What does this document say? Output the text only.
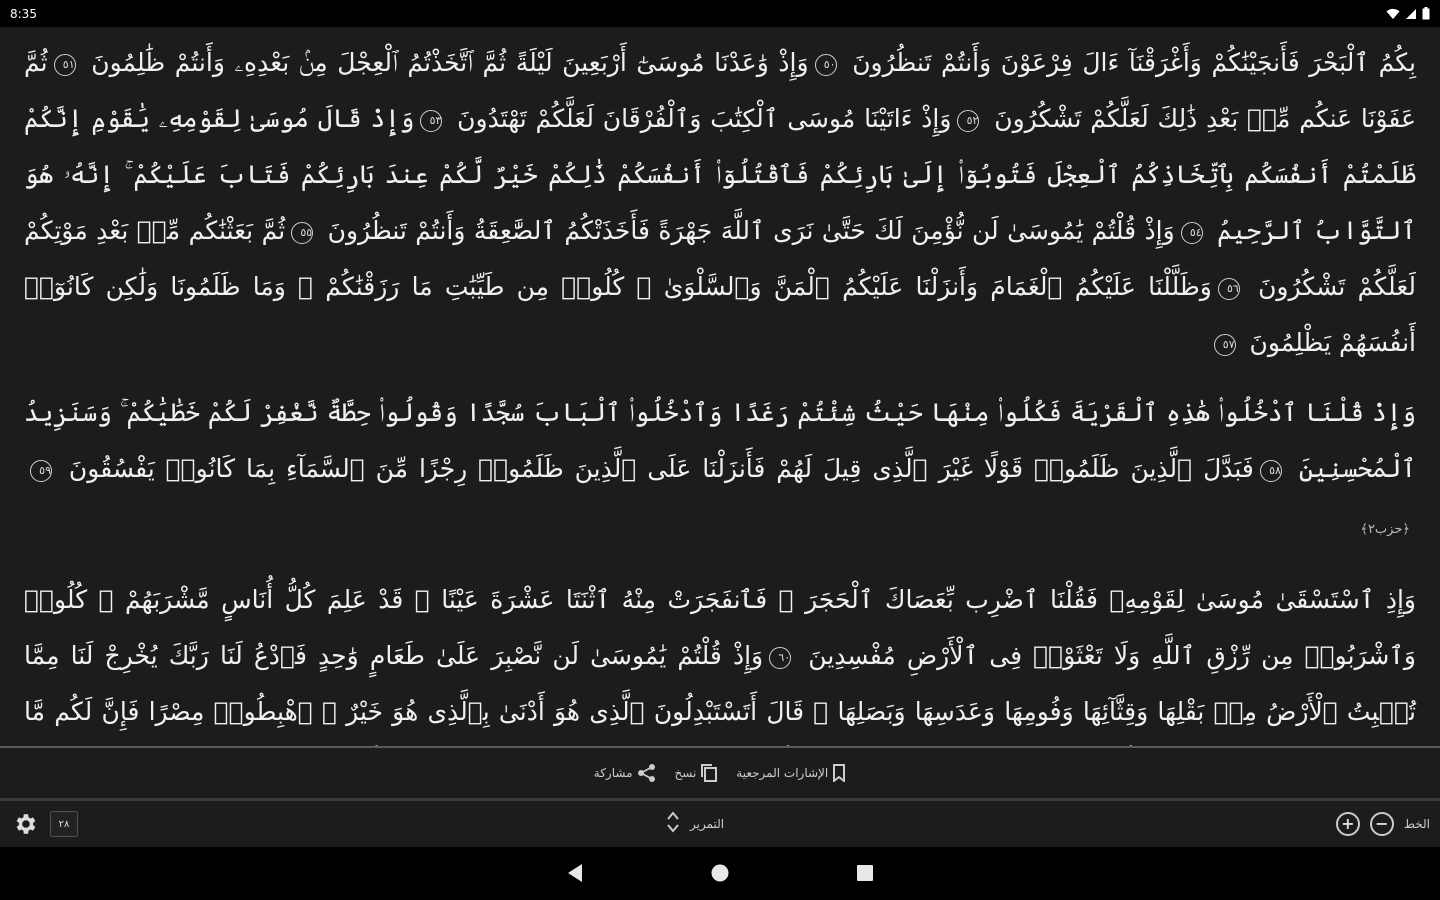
8:35

بِكُمُ ٱلْبَحْرَ فَأَنجَيْنَٰكُمْ وَأَغْرَقْنَآ ءَالَ فِرْعَوْنَ وَأَنتُمْ تَنظُرُونَ ٥٠وَإِذْ وَٰعَدْنَا مُوسَىٰٓ أَرْبَعِينَ لَيْلَةً ثُمَّ ٱتَّخَذْتُمُ ٱلْعِجْلَ مِنۢ بَعْدِهِۦ وَأَنتُمْ ظَٰلِمُونَ ٥١ثُمَّ عَفَوْنَا عَنكُم مِّنۢ بَعْدِ ذَٰلِكَ لَعَلَّكُمْ تَشْكُرُونَ ٥٢وَإِذْ ءَاتَيْنَا مُوسَى ٱلْكِتَٰبَ وَٱلْفُرْقَانَ لَعَلَّكُمْ تَهْتَدُونَ ٥٣وَإِذْ قَالَ مُوسَىٰ لِقَوْمِهِۦ يَٰقَوْمِ إِنَّكُمْ ظَلَمْتُمْ أَنفُسَكُم بِٱتِّخَاذِكُمُ ٱلْعِجْلَ فَتُوبُوٓا۟ إِلَىٰ بَارِئِكُمْ فَٱقْتُلُوٓا۟ أَنفُسَكُمْ ذَٰلِكُمْ خَيْرٌ لَّكُمْ عِندَ بَارِئِكُمْ فَتَابَ عَلَيْكُمْ ۚ إِنَّهُۥ هُوَ ٱلتَّوَّابُ ٱلرَّحِيمُ ٥٤وَإِذْ قُلْتُمْ يَٰمُوسَىٰ لَن نُّؤْمِنَ لَكَ حَتَّىٰ نَرَى ٱللَّهَ جَهْرَةً فَأَخَذَتْكُمُ ٱلصَّٰعِقَةُ وَأَنتُمْ تَنظُرُونَ ٥٥ثُمَّ بَعَثْنَٰكُم مِّنۢ بَعْدِ مَوْتِكُمْ لَعَلَّكُمْ تَشْكُرُونَ ٥٦وَظَلَّلْنَا عَلَيْكُمُ ٱلْغَمَامَ وَأَنزَلْنَا عَلَيْكُمُ ٱلْمَنَّ وَٱلسَّلْوَىٰ ۖ كُلُوا۟ مِن طَيِّبَٰتِ مَا رَزَقْنَٰكُمْ ۖ وَمَا ظَلَمُونَا وَلَٰكِن كَانُوٓا۟ أَنفُسَهُمْ يَظْلِمُونَ ٥٧

وَإِذْ قُلْنَا ٱدْخُلُوا۟ هَٰذِهِ ٱلْقَرْيَةَ فَكُلُوا۟ مِنْهَا حَيْثُ شِئْتُمْ رَغَدًا وَٱدْخُلُوا۟ ٱلْبَابَ سُجَّدًا وَقُولُوا۟ حِطَّةٌ نَّغْفِرْ لَكُمْ خَطَٰيَٰكُمْ ۚ وَسَنَزِيدُ ٱلْمُحْسِنِينَ ٥٨فَبَدَّلَ ٱلَّذِينَ ظَلَمُوا۟ قَوْلًا غَيْرَ ٱلَّذِى قِيلَ لَهُمْ فَأَنزَلْنَا عَلَى ٱلَّذِينَ ظَلَمُوا۟ رِجْزًا مِّنَ ٱلسَّمَآءِ بِمَا كَانُوا۟ يَفْسُقُونَ ٥٩﴿حزب٢﴾

وَإِذِ ٱسْتَسْقَىٰ مُوسَىٰ لِقَوْمِهِۦ فَقُلْنَا ٱضْرِب بِّعَصَاكَ ٱلْحَجَرَ ۖ فَٱنفَجَرَتْ مِنْهُ ٱثْنَتَا عَشْرَةَ عَيْنًا ۖ قَدْ عَلِمَ كُلُّ أُنَاسٍ مَّشْرَبَهُمْ ۖ كُلُوا۟ وَٱشْرَبُوا۟ مِن رِّزْقِ ٱللَّهِ وَلَا تَعْثَوْا۟ فِى ٱلْأَرْضِ مُفْسِدِينَ ٦٠وَإِذْ قُلْتُمْ يَٰمُوسَىٰ لَن نَّصْبِرَ عَلَىٰ طَعَامٍ وَٰحِدٍ فَٱدْعُ لَنَا رَبَّكَ يُخْرِجْ لَنَا مِمَّا تُنۢبِتُ ٱلْأَرْضُ مِنۢ بَقْلِهَا وَقِثَّآئِهَا وَفُومِهَا وَعَدَسِهَا وَبَصَلِهَا ۖ قَالَ أَتَسْتَبْدِلُونَ ٱلَّذِى هُوَ أَدْنَىٰ بِٱلَّذِى هُوَ خَيْرٌ ۚ ٱهْبِطُوا۟ مِصْرًا فَإِنَّ لَكُم مَّا

الإشارات المرجعية
نسخ
مشاركة
٢٨	التمرير	+ − الخط
